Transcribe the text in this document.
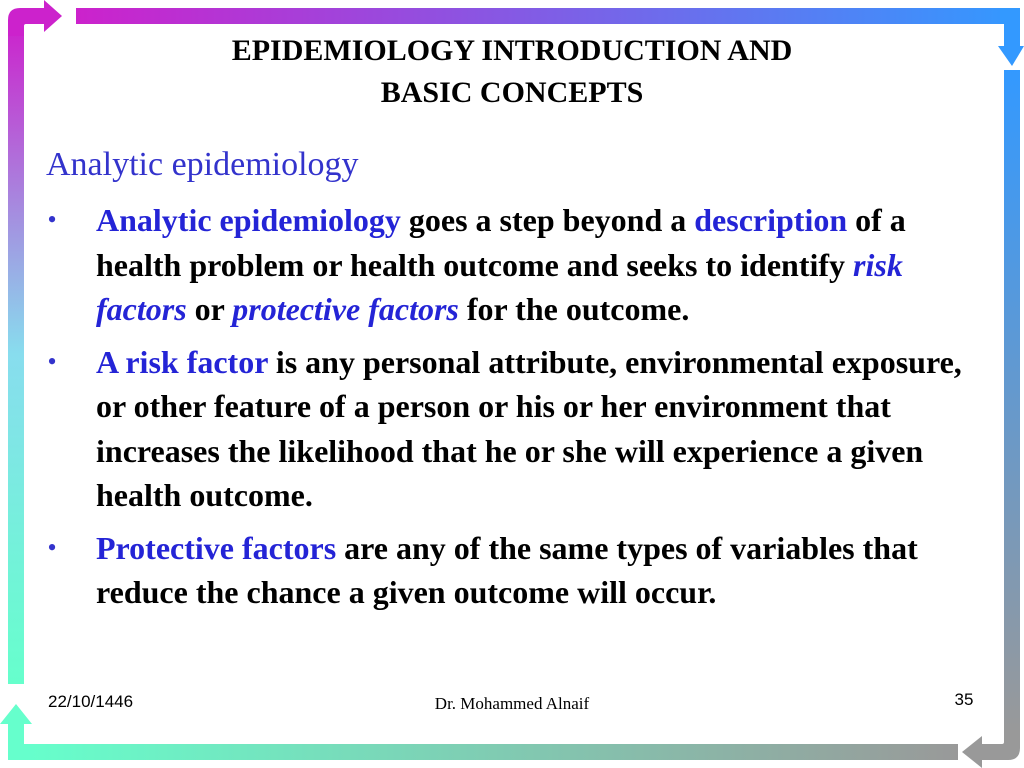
EPIDEMIOLOGY INTRODUCTION AND
BASIC CONCEPTS
Analytic epidemiology
• Analytic epidemiology goes a step beyond a description of a health problem or health outcome and seeks to identify risk factors or protective factors for the outcome.
• A risk factor is any personal attribute, environmental exposure, or other feature of a person or his or her environment that increases the likelihood that he or she will experience a given health outcome.
• Protective factors are any of the same types of variables that reduce the chance a given outcome will occur.
22/10/1446	Dr. Mohammed Alnaif	35
